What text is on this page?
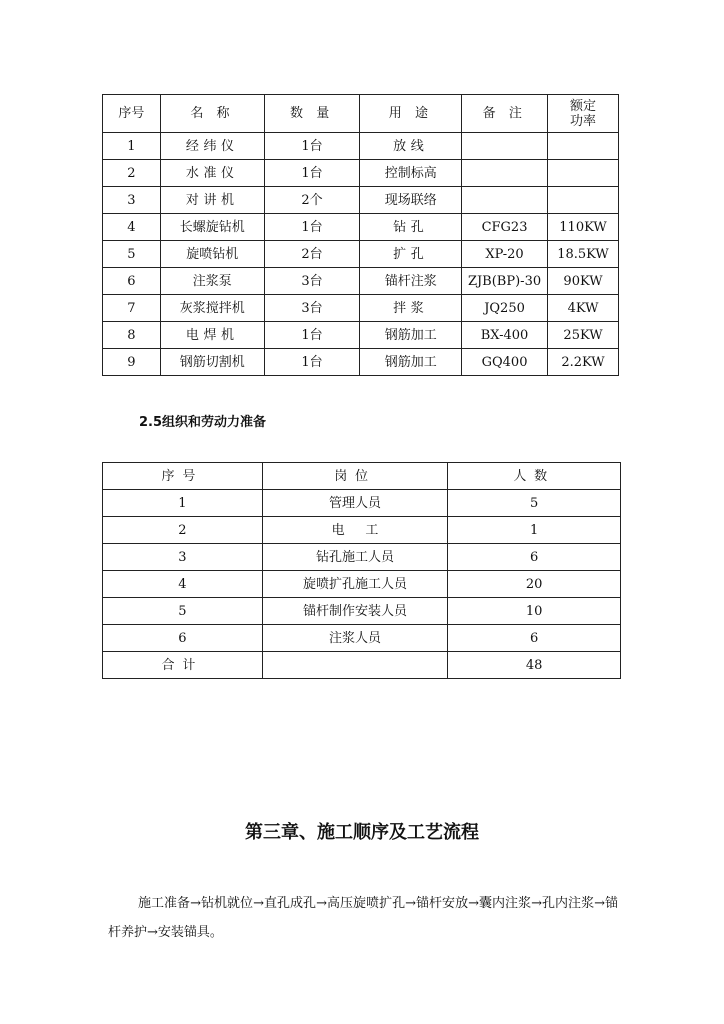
序号	名 称	数 量	用 途	备 注	额定
功率
1	经纬仪	1台	放线		
2	水准仪	1台	控制标高		
3	对讲机	2个	现场联络		
4	长螺旋钻机	1台	钻孔	CFG23	110KW
5	旋喷钻机	2台	扩孔	XP-20	18.5KW
6	注浆泵	3台	锚杆注浆	ZJB(BP)-30	90KW
7	灰浆搅拌机	3台	拌浆	JQ250	4KW
8	电焊机	1台	钢筋加工	BX-400	25KW
9	钢筋切割机	1台	钢筋加工	GQ400	2.2KW
2.5组织和劳动力准备
序号	岗位	人数
1	管理人员	5
2	电工	1
3	钻孔施工人员	6
4	旋喷扩孔施工人员	20
5	锚杆制作安装人员	10
6	注浆人员	6
合计		48
第三章、施工顺序及工艺流程

施工准备→钻机就位→直孔成孔→高压旋喷扩孔→锚杆安放→囊内注浆→孔内注浆→锚杆养护→安装锚具。
